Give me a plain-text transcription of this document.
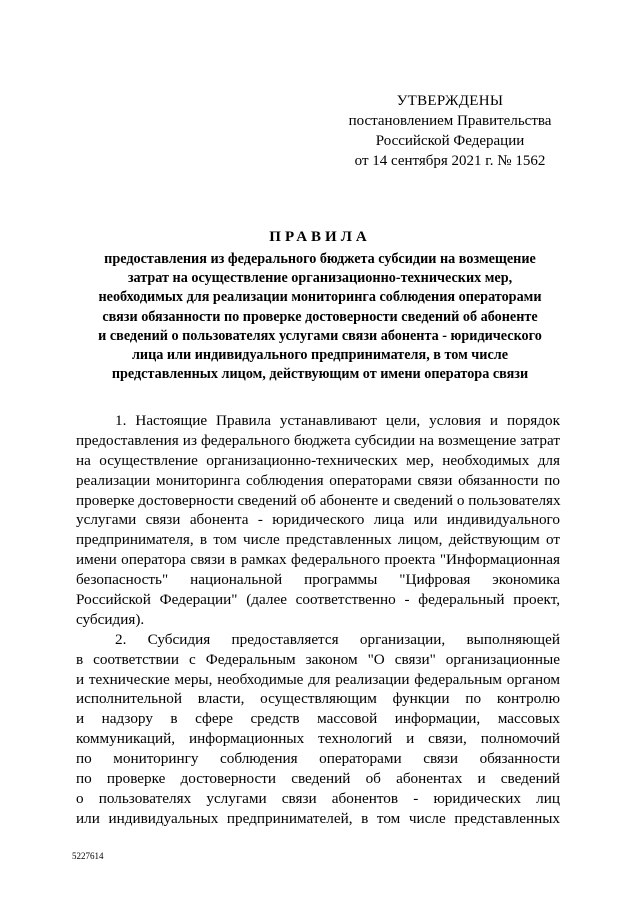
УТВЕРЖДЕНЫ
постановлением Правительства
Российской Федерации
от 14 сентября 2021 г. № 1562
ПРАВИЛА
предоставления из федерального бюджета субсидии на возмещение
затрат на осуществление организационно-технических мер,
необходимых для реализации мониторинга соблюдения операторами
связи обязанности по проверке достоверности сведений об абоненте
и сведений о пользователях услугами связи абонента - юридического
лица или индивидуального предпринимателя, в том числе
представленных лицом, действующим от имени оператора связи
1. Настоящие Правила устанавливают цели, условия и порядок
предоставления из федерального бюджета субсидии на возмещение затрат
на осуществление организационно-технических мер, необходимых для
реализации мониторинга соблюдения операторами связи обязанности по
проверке достоверности сведений об абоненте и сведений о пользователях
услугами связи абонента - юридического лица или индивидуального
предпринимателя, в том числе представленных лицом, действующим от
имени оператора связи в рамках федерального проекта "Информационная
безопасность" национальной программы "Цифровая экономика
Российской Федерации" (далее соответственно - федеральный проект,
субсидия).
2. Субсидия предоставляется организации, выполняющей
в соответствии с Федеральным законом "О связи" организационные
и технические меры, необходимые для реализации федеральным органом
исполнительной власти, осуществляющим функции по контролю
и надзору в сфере средств массовой информации, массовых
коммуникаций, информационных технологий и связи, полномочий
по мониторингу соблюдения операторами связи обязанности
по проверке достоверности сведений об абонентах и сведений
о пользователях услугами связи абонентов - юридических лиц
или индивидуальных предпринимателей, в том числе представленных
5227614
